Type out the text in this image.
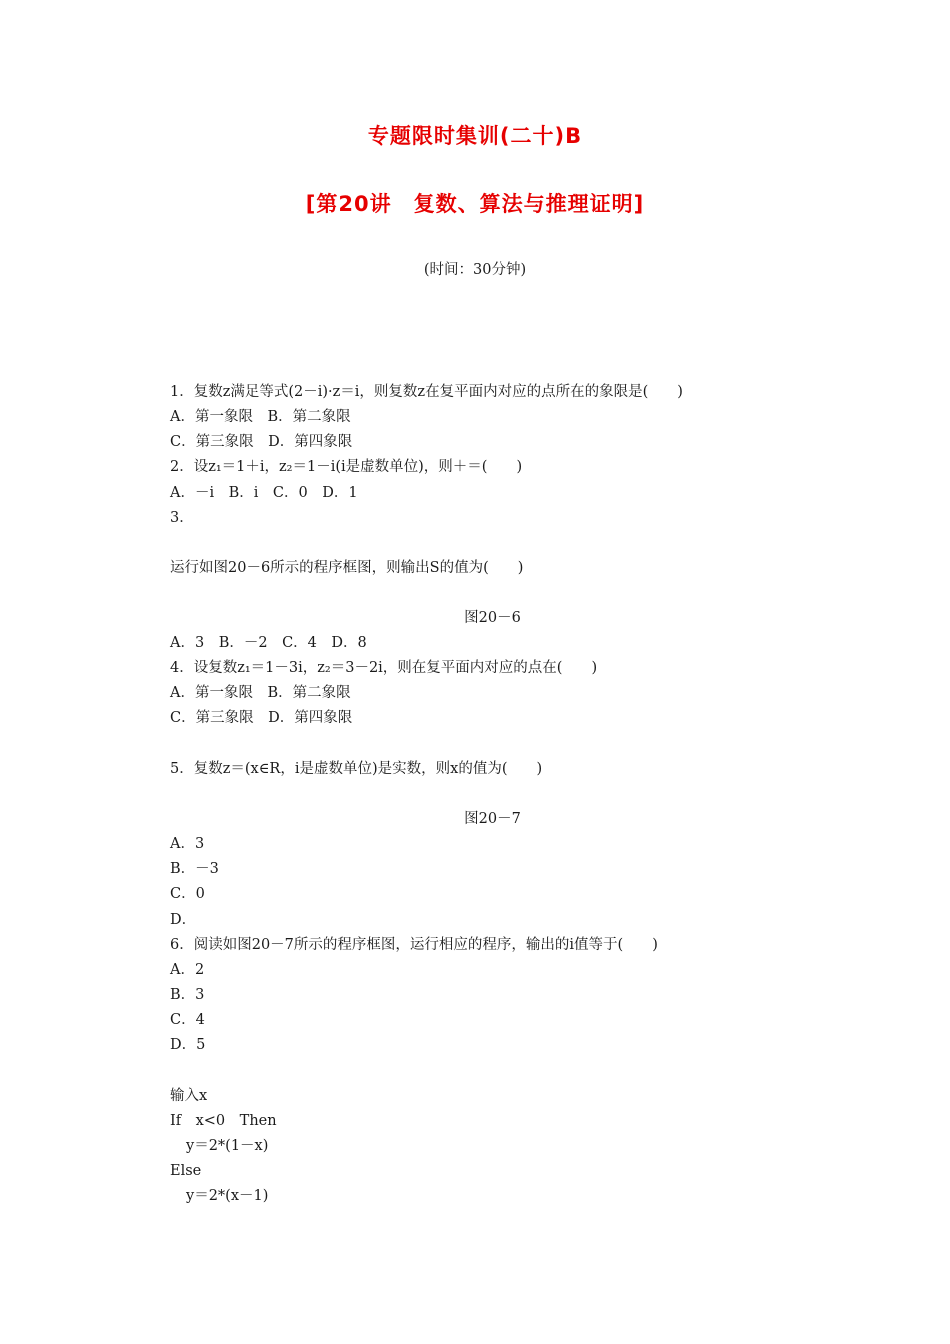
专题限时集训(二十)B
[第20讲　复数、算法与推理证明]
(时间：30分钟)
1．复数z满足等式(2－i)·z＝i，则复数z在复平面内对应的点所在的象限是(　　)
A．第一象限　B．第二象限
C．第三象限　D．第四象限
2．设z₁＝1＋i，z₂＝1－i(i是虚数单位)，则＋＝(　　)
A．－i　B．i　C．0　D．1
3．
运行如图20－6所示的程序框图，则输出S的值为(　　)
图20－6
A．3　B．－2　C．4　D．8
4．设复数z₁＝1－3i，z₂＝3－2i，则在复平面内对应的点在(　　)
A．第一象限　B．第二象限
C．第三象限　D．第四象限
5．复数z＝(x∈R，i是虚数单位)是实数，则x的值为(　　)
图20－7
A．3
B．－3
C．0
D．
6．阅读如图20－7所示的程序框图，运行相应的程序，输出的i值等于(　　)
A．2
B．3
C．4
D．5
输入x
If　x<0　Then
y＝2*(1－x)
Else
y＝2*(x－1)
